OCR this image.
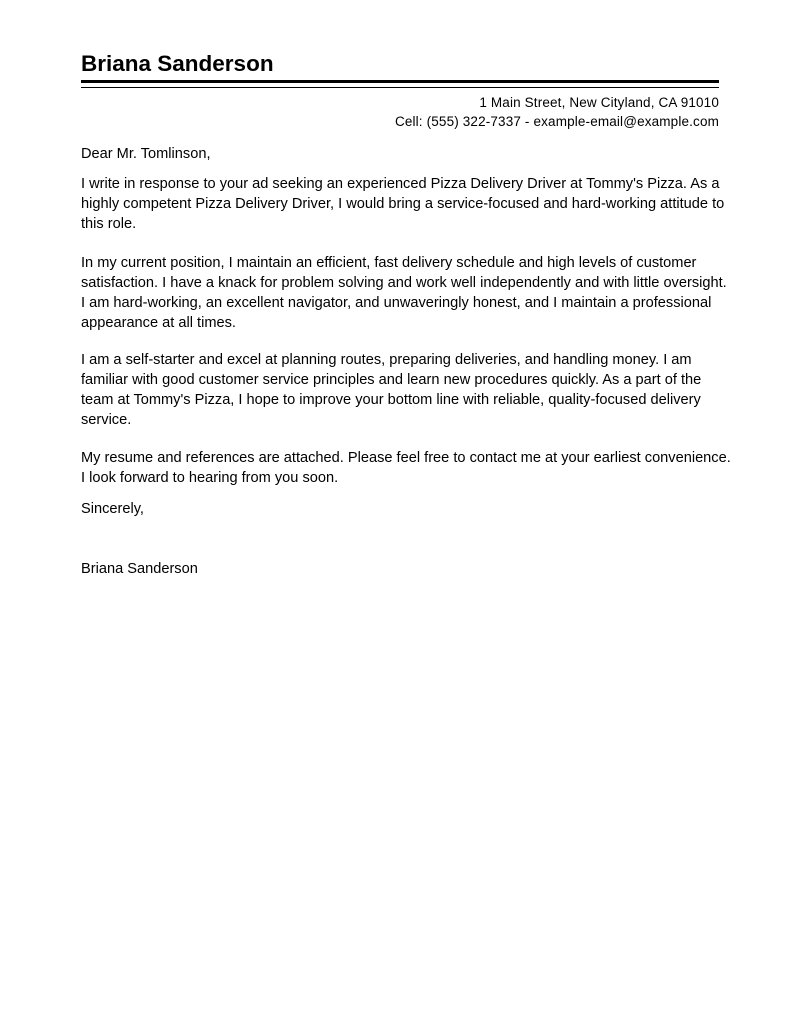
Briana Sanderson
1 Main Street, New Cityland, CA 91010
Cell: (555) 322-7337 - example-email@example.com
Dear Mr. Tomlinson,
I write in response to your ad seeking an experienced Pizza Delivery Driver at Tommy's Pizza. As a
highly competent Pizza Delivery Driver, I would bring a service-focused and hard-working attitude to
this role.
In my current position, I maintain an efficient, fast delivery schedule and high levels of customer
satisfaction. I have a knack for problem solving and work well independently and with little oversight.
I am hard-working, an excellent navigator, and unwaveringly honest, and I maintain a professional
appearance at all times.
I am a self-starter and excel at planning routes, preparing deliveries, and handling money. I am
familiar with good customer service principles and learn new procedures quickly. As a part of the
team at Tommy's Pizza, I hope to improve your bottom line with reliable, quality-focused delivery
service.
My resume and references are attached. Please feel free to contact me at your earliest convenience.
I look forward to hearing from you soon.
Sincerely,
Briana Sanderson
